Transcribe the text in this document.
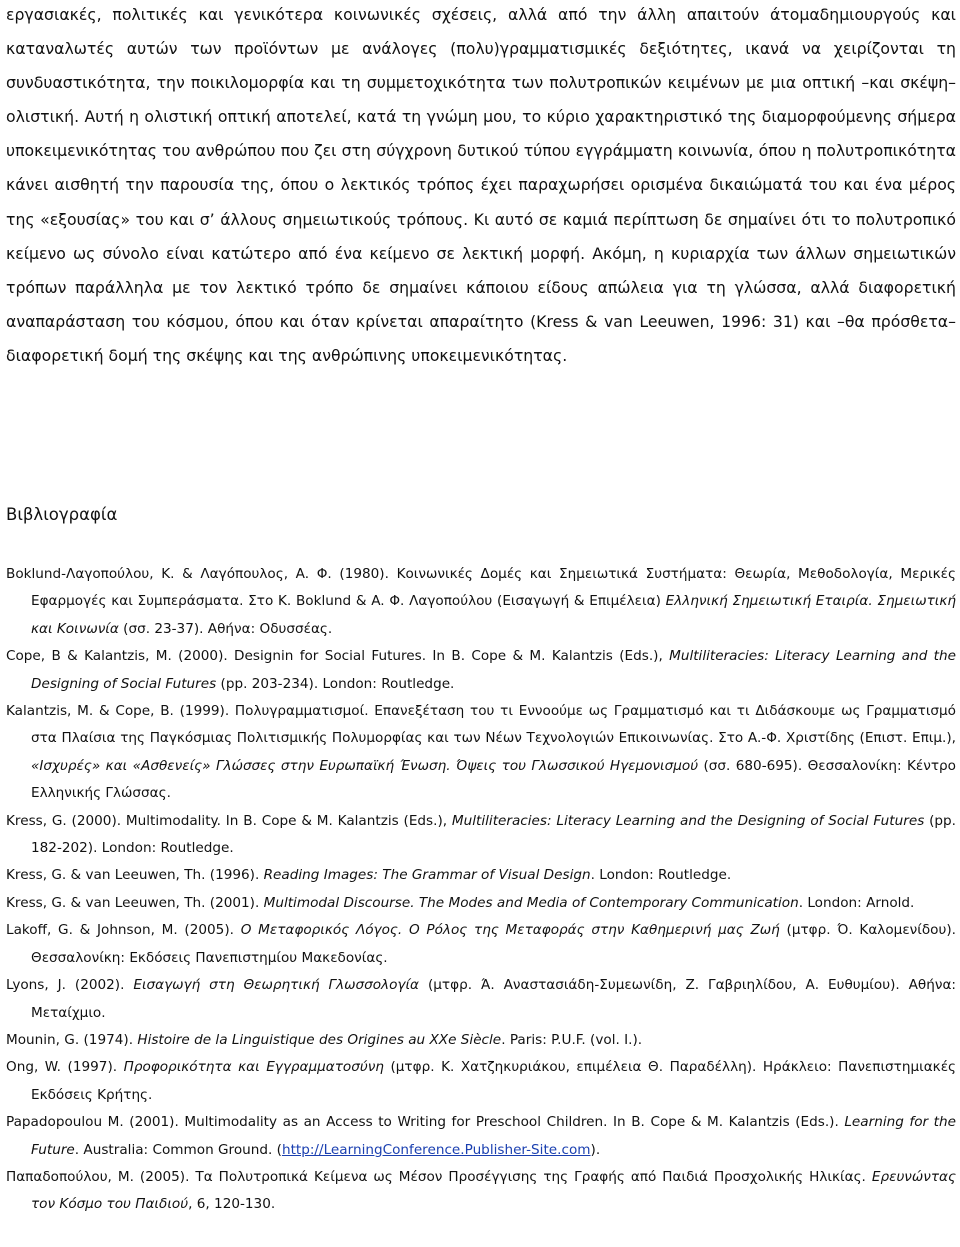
εργασιακές, πολιτικές και γενικότερα κοινωνικές σχέσεις, αλλά από την άλλη απαιτούν άτομαδημιουργούς και καταναλωτές αυτών των προϊόντων με ανάλογες (πολυ)γραμματισμικές δεξιότητες, ικανά να χειρίζονται τη συνδυαστικότητα, την ποικιλομορφία και τη συμμετοχικότητα των πολυτροπικών κειμένων με μια οπτική –και σκέψη– ολιστική. Αυτή η ολιστική οπτική αποτελεί, κατά τη γνώμη μου, το κύριο χαρακτηριστικό της διαμορφούμενης σήμερα υποκειμενικότητας του ανθρώπου που ζει στη σύγχρονη δυτικού τύπου εγγράμματη κοινωνία, όπου η πολυτροπικότητα κάνει αισθητή την παρουσία της, όπου ο λεκτικός τρόπος έχει παραχωρήσει ορισμένα δικαιώματά του και ένα μέρος της «εξουσίας» του και σ’ άλλους σημειωτικούς τρόπους. Κι αυτό σε καμιά περίπτωση δε σημαίνει ότι το πολυτροπικό κείμενο ως σύνολο είναι κατώτερο από ένα κείμενο σε λεκτική μορφή. Ακόμη, η κυριαρχία των άλλων σημειωτικών τρόπων παράλληλα με τον λεκτικό τρόπο δε σημαίνει κάποιου είδους απώλεια για τη γλώσσα, αλλά διαφορετική αναπαράσταση του κόσμου, όπου και όταν κρίνεται απαραίτητο (Kress & van Leeuwen, 1996: 31) και –θα πρόσθετα– διαφορετική δομή της σκέψης και της ανθρώπινης υποκειμενικότητας.

Βιβλιογραφία

Boklund-Λαγοπούλου, K. & Λαγόπουλος, A. Φ. (1980). Κοινωνικές Δομές και Σημειωτικά Συστήματα: Θεωρία, Μεθοδολογία, Μερικές Εφαρμογές και Συμπεράσματα. Στο K. Boklund & A. Φ. Λαγοπούλου (Εισαγωγή & Επιμέλεια) Ελληνική Σημειωτική Εταιρία. Σημειωτική και Κοινωνία (σσ. 23-37). Αθήνα: Οδυσσέας.

Cope, B & Kalantzis, M. (2000). Designin for Social Futures. In B. Cope & M. Kalantzis (Eds.), Multiliteracies: Literacy Learning and the Designing of Social Futures (pp. 203-234). London: Routledge.

Kalantzis, M. & Cope, B. (1999). Πολυγραμματισμοί. Επανεξέταση του τι Εννοούμε ως Γραμματισμό και τι Διδάσκουμε ως Γραμματισμό στα Πλαίσια της Παγκόσμιας Πολιτισμικής Πολυμορφίας και των Νέων Τεχνολογιών Επικοινωνίας. Στο A.-Φ. Χριστίδης (Επιστ. Επιμ.), «Ισχυρές» και «Ασθενείς» Γλώσσες στην Ευρωπαϊκή Ένωση. Όψεις του Γλωσσικού Ηγεμονισμού (σσ. 680-695). Θεσσαλονίκη: Κέντρο Ελληνικής Γλώσσας.

Kress, G. (2000). Multimodality. In B. Cope & M. Kalantzis (Eds.), Multiliteracies: Literacy Learning and the Designing of Social Futures (pp. 182-202). London: Routledge.

Kress, G. & van Leeuwen, Th. (1996). Reading Images: The Grammar of Visual Design. London: Routledge.

Kress, G. & van Leeuwen, Th. (2001). Multimodal Discourse. The Modes and Media of Contemporary Communication. London: Arnold.

Lakoff, G. & Johnson, M. (2005). Ο Μεταφορικός Λόγος. Ο Ρόλος της Μεταφοράς στην Καθημερινή μας Ζωή (μτφρ. Ό. Καλομενίδου). Θεσσαλονίκη: Εκδόσεις Πανεπιστημίου Μακεδονίας.

Lyons, J. (2002). Εισαγωγή στη Θεωρητική Γλωσσολογία (μτφρ. Ά. Αναστασιάδη-Συμεωνίδη, Ζ. Γαβριηλίδου, Α. Ευθυμίου). Αθήνα: Μεταίχμιο.

Mounin, G. (1974). Histoire de la Linguistique des Origines au XXe Siècle. Paris: P.U.F. (vol. I.).

Ong, W. (1997). Προφορικότητα και Εγγραμματοσύνη (μτφρ. Κ. Χατζηκυριάκου, επιμέλεια Θ. Παραδέλλη). Ηράκλειο: Πανεπιστημιακές Εκδόσεις Κρήτης.

Papadopoulou M. (2001). Multimodality as an Access to Writing for Preschool Children. In B. Cope & M. Kalantzis (Eds.). Learning for the Future. Australia: Common Ground. (http://LearningConference.Publisher-Site.com).

Παπαδοπούλου, Μ. (2005). Τα Πολυτροπικά Κείμενα ως Μέσον Προσέγγισης της Γραφής από Παιδιά Προσχολικής Ηλικίας. Ερευνώντας τον Κόσμο του Παιδιού, 6, 120-130.
